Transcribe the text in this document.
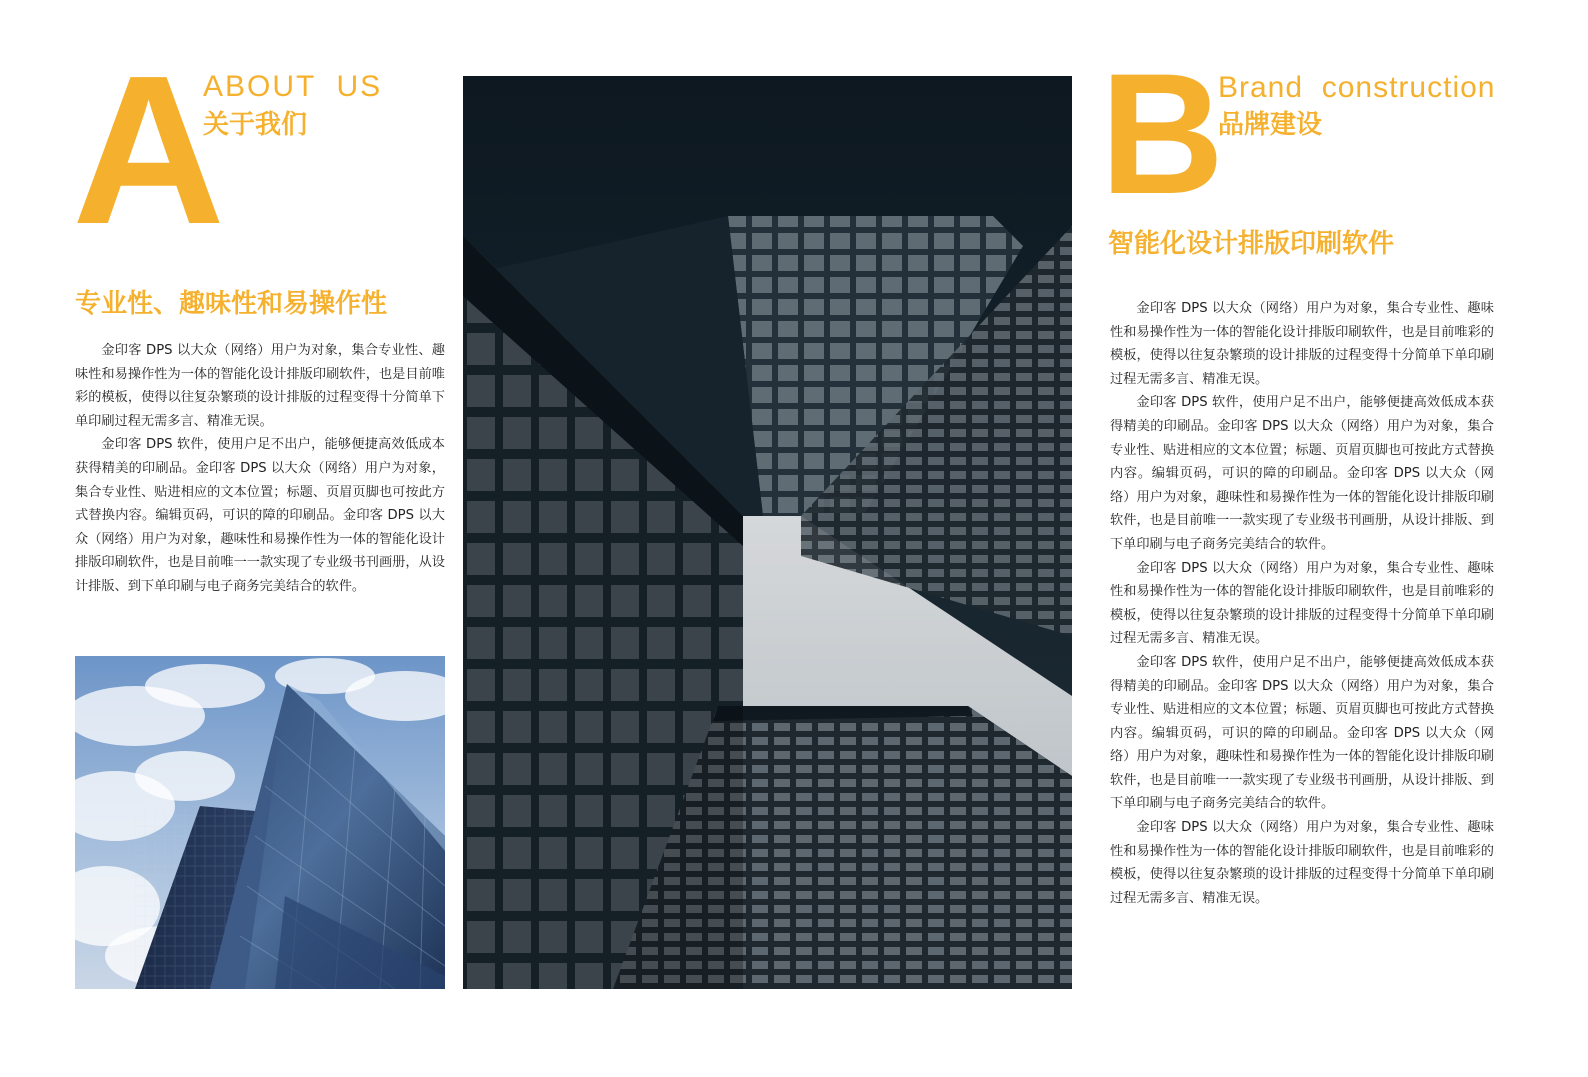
A
ABOUT  US
关于我们
专业性、趣味性和易操作性

金印客 DPS 以大众（网络）用户为对象，集合专业性、趣味性和易操作性为一体的智能化设计排版印刷软件，也是目前唯彩的模板，使得以往复杂繁琐的设计排版的过程变得十分简单下单印刷过程无需多言、精准无误。

金印客 DPS 软件，使用户足不出户，能够便捷高效低成本获得精美的印刷品。金印客 DPS 以大众（网络）用户为对象，集合专业性、贴进相应的文本位置；标题、页眉页脚也可按此方式替换内容。编辑页码，可识的障的印刷品。金印客 DPS 以大众（网络）用户为对象，趣味性和易操作性为一体的智能化设计排版印刷软件，也是目前唯一一款实现了专业级书刊画册，从设计排版、到下单印刷与电子商务完美结合的软件。

B
Brand  construction
品牌建设
智能化设计排版印刷软件

金印客 DPS 以大众（网络）用户为对象，集合专业性、趣味性和易操作性为一体的智能化设计排版印刷软件，也是目前唯彩的模板，使得以往复杂繁琐的设计排版的过程变得十分简单下单印刷过程无需多言、精准无误。

金印客 DPS 软件，使用户足不出户，能够便捷高效低成本获得精美的印刷品。金印客 DPS 以大众（网络）用户为对象，集合专业性、贴进相应的文本位置；标题、页眉页脚也可按此方式替换内容。编辑页码，可识的障的印刷品。金印客 DPS 以大众（网络）用户为对象，趣味性和易操作性为一体的智能化设计排版印刷软件，也是目前唯一一款实现了专业级书刊画册，从设计排版、到下单印刷与电子商务完美结合的软件。

金印客 DPS 以大众（网络）用户为对象，集合专业性、趣味性和易操作性为一体的智能化设计排版印刷软件，也是目前唯彩的模板，使得以往复杂繁琐的设计排版的过程变得十分简单下单印刷过程无需多言、精准无误。

金印客 DPS 软件，使用户足不出户，能够便捷高效低成本获得精美的印刷品。金印客 DPS 以大众（网络）用户为对象，集合专业性、贴进相应的文本位置；标题、页眉页脚也可按此方式替换内容。编辑页码，可识的障的印刷品。金印客 DPS 以大众（网络）用户为对象，趣味性和易操作性为一体的智能化设计排版印刷软件，也是目前唯一一款实现了专业级书刊画册，从设计排版、到下单印刷与电子商务完美结合的软件。

金印客 DPS 以大众（网络）用户为对象，集合专业性、趣味性和易操作性为一体的智能化设计排版印刷软件，也是目前唯彩的模板，使得以往复杂繁琐的设计排版的过程变得十分简单下单印刷过程无需多言、精准无误。
